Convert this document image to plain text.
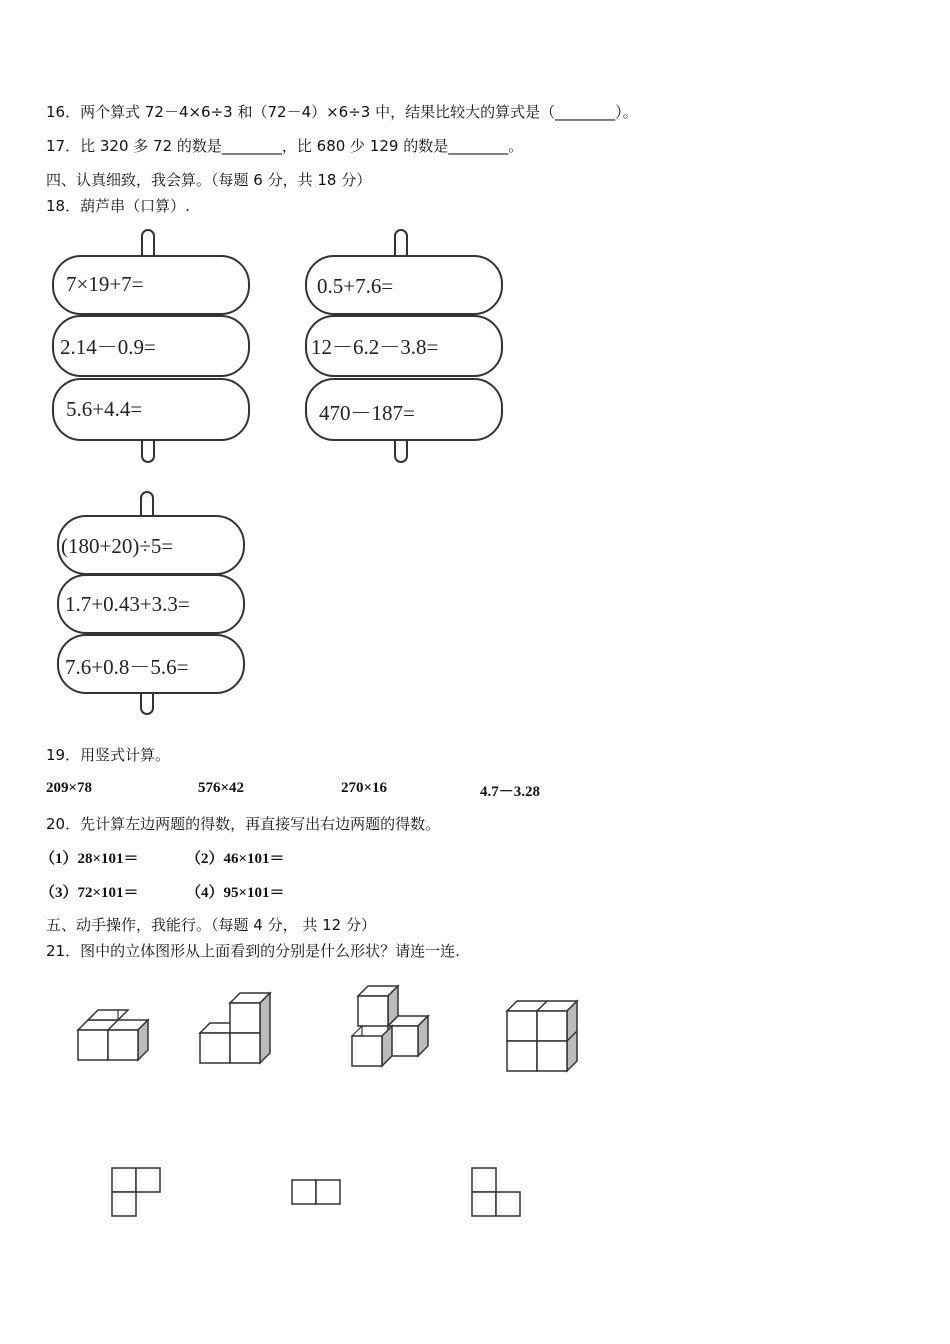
16．两个算式 72－4×6÷3 和（72－4）×6÷3 中，结果比较大的算式是（________）。
17．比 320 多 72 的数是________，比 680 少 129 的数是________。
四、认真细致，我会算。（每题 6 分，共 18 分）
18．葫芦串（口算）.
7×19+7=
2.14－0.9=
5.6+4.4=
0.5+7.6=
12－6.2－3.8=
470－187=
(180+20)÷5=
1.7+0.43+3.3=
7.6+0.8－5.6=
19．用竖式计算。
209×78	576×42	270×16	4.7－3.28
20．先计算左边两题的得数，再直接写出右边两题的得数。
（1）28×101＝	（2）46×101＝
（3）72×101＝	（4）95×101＝
五、动手操作，我能行。（每题 4 分， 共 12 分）
21．图中的立体图形从上面看到的分别是什么形状？请连一连.
